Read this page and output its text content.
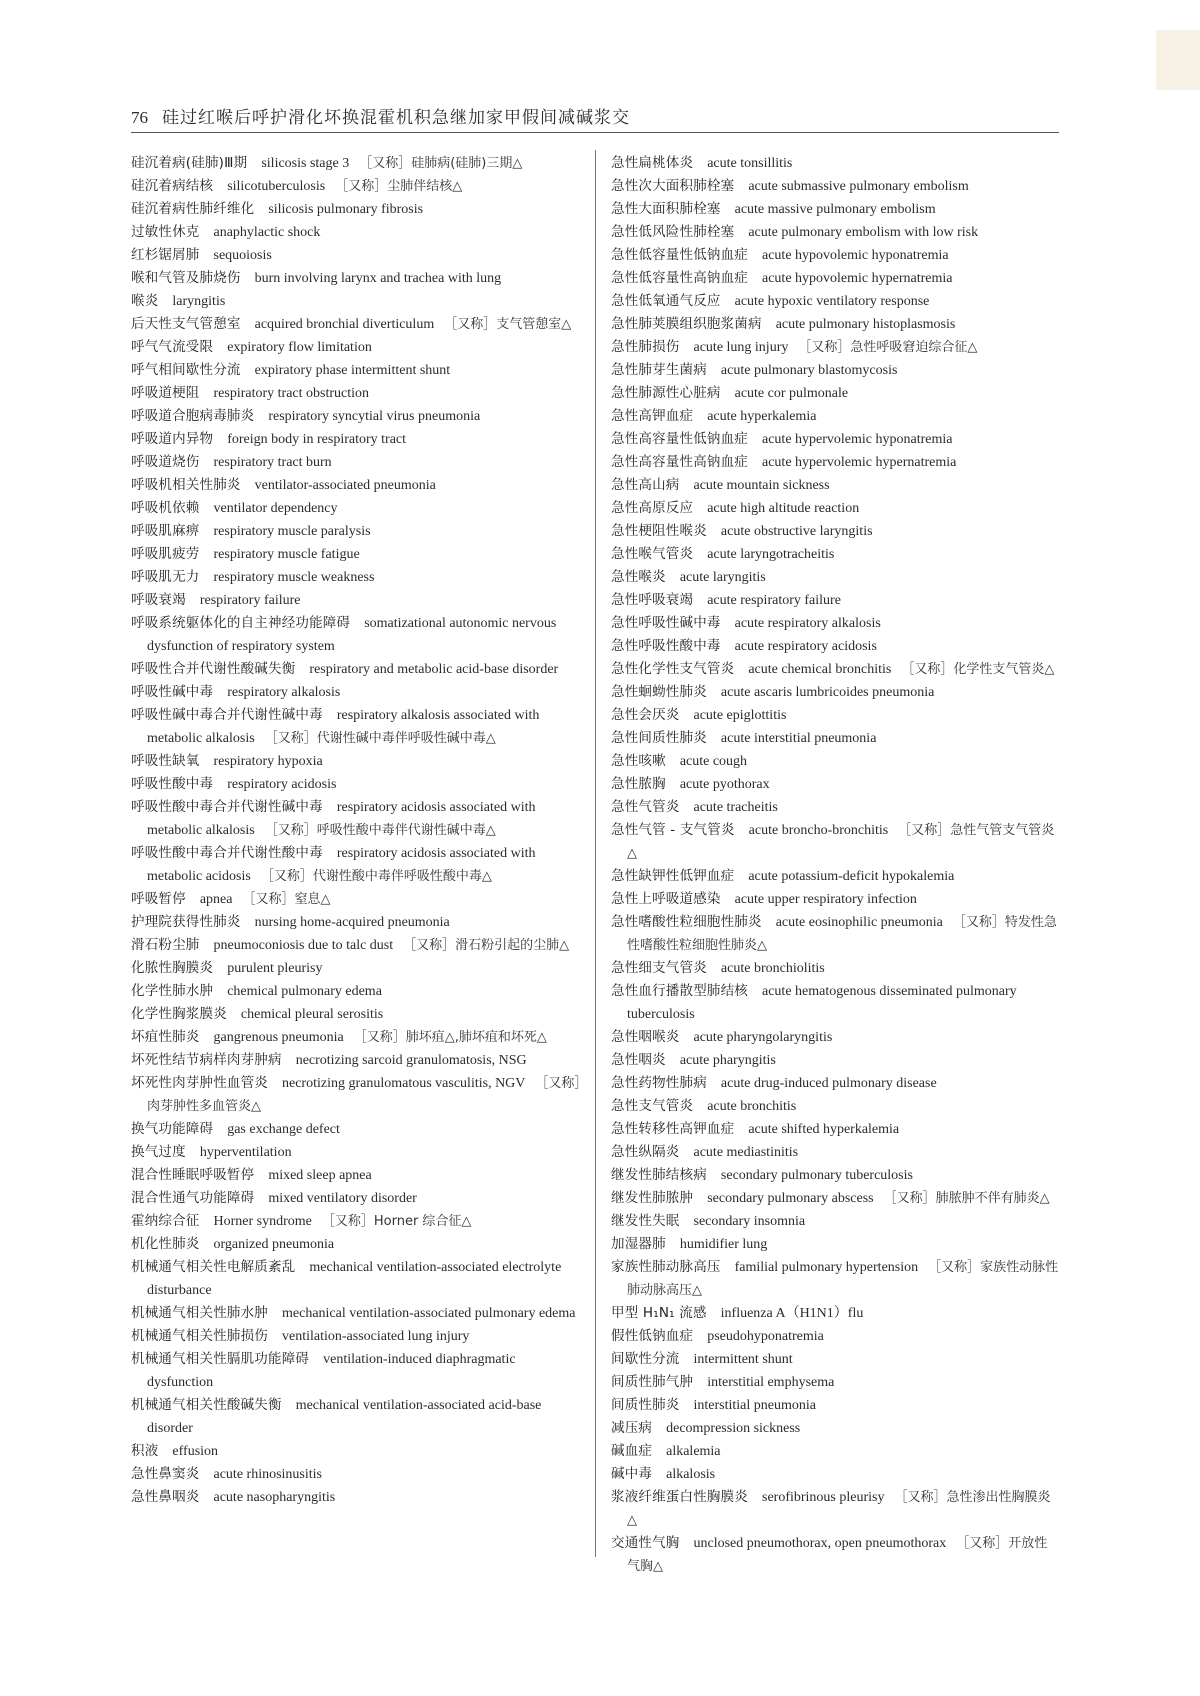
76 硅过红喉后呼护滑化坏换混霍机积急继加家甲假间减碱浆交
硅沉着病(硅肺)Ⅲ期 silicosis stage 3 ［又称］硅肺病(硅肺)三期△
硅沉着病结核 silicotuberculosis ［又称］尘肺伴结核△
硅沉着病性肺纤维化 silicosis pulmonary fibrosis
过敏性休克 anaphylactic shock
红杉锯屑肺 sequoiosis
喉和气管及肺烧伤 burn involving larynx and trachea with lung
喉炎 laryngitis
后天性支气管憩室 acquired bronchial diverticulum ［又称］支气管憩室△
呼气气流受限 expiratory flow limitation
呼气相间歇性分流 expiratory phase intermittent shunt
呼吸道梗阻 respiratory tract obstruction
呼吸道合胞病毒肺炎 respiratory syncytial virus pneumonia
呼吸道内异物 foreign body in respiratory tract
呼吸道烧伤 respiratory tract burn
呼吸机相关性肺炎 ventilator-associated pneumonia
呼吸机依赖 ventilator dependency
呼吸肌麻痹 respiratory muscle paralysis
呼吸肌疲劳 respiratory muscle fatigue
呼吸肌无力 respiratory muscle weakness
呼吸衰竭 respiratory failure
呼吸系统躯体化的自主神经功能障碍 somatizational autonomic nervous dysfunction of respiratory system
呼吸性合并代谢性酸碱失衡 respiratory and metabolic acid-base disorder
呼吸性碱中毒 respiratory alkalosis
呼吸性碱中毒合并代谢性碱中毒 respiratory alkalosis associated with metabolic alkalosis ［又称］代谢性碱中毒伴呼吸性碱中毒△
呼吸性缺氧 respiratory hypoxia
呼吸性酸中毒 respiratory acidosis
呼吸性酸中毒合并代谢性碱中毒 respiratory acidosis associated with metabolic alkalosis ［又称］呼吸性酸中毒伴代谢性碱中毒△
呼吸性酸中毒合并代谢性酸中毒 respiratory acidosis associated with metabolic acidosis ［又称］代谢性酸中毒伴呼吸性酸中毒△
呼吸暂停 apnea ［又称］窒息△
护理院获得性肺炎 nursing home-acquired pneumonia
滑石粉尘肺 pneumoconiosis due to talc dust ［又称］滑石粉引起的尘肺△
化脓性胸膜炎 purulent pleurisy
化学性肺水肿 chemical pulmonary edema
化学性胸浆膜炎 chemical pleural serositis
坏疽性肺炎 gangrenous pneumonia ［又称］肺坏疽△,肺坏疽和坏死△
坏死性结节病样肉芽肿病 necrotizing sarcoid granulomatosis, NSG
坏死性肉芽肿性血管炎 necrotizing granulomatous vasculitis, NGV ［又称］肉芽肿性多血管炎△
换气功能障碍 gas exchange defect
换气过度 hyperventilation
混合性睡眠呼吸暂停 mixed sleep apnea
混合性通气功能障碍 mixed ventilatory disorder
霍纳综合征 Horner syndrome ［又称］Horner 综合征△
机化性肺炎 organized pneumonia
机械通气相关性电解质紊乱 mechanical ventilation-associated electrolyte disturbance
机械通气相关性肺水肿 mechanical ventilation-associated pulmonary edema
机械通气相关性肺损伤 ventilation-associated lung injury
机械通气相关性膈肌功能障碍 ventilation-induced diaphragmatic dysfunction
机械通气相关性酸碱失衡 mechanical ventilation-associated acid-base disorder
积液 effusion
急性鼻窦炎 acute rhinosinusitis
急性鼻咽炎 acute nasopharyngitis
急性扁桃体炎 acute tonsillitis
急性次大面积肺栓塞 acute submassive pulmonary embolism
急性大面积肺栓塞 acute massive pulmonary embolism
急性低风险性肺栓塞 acute pulmonary embolism with low risk
急性低容量性低钠血症 acute hypovolemic hyponatremia
急性低容量性高钠血症 acute hypovolemic hypernatremia
急性低氧通气反应 acute hypoxic ventilatory response
急性肺荚膜组织胞浆菌病 acute pulmonary histoplasmosis
急性肺损伤 acute lung injury ［又称］急性呼吸窘迫综合征△
急性肺芽生菌病 acute pulmonary blastomycosis
急性肺源性心脏病 acute cor pulmonale
急性高钾血症 acute hyperkalemia
急性高容量性低钠血症 acute hypervolemic hyponatremia
急性高容量性高钠血症 acute hypervolemic hypernatremia
急性高山病 acute mountain sickness
急性高原反应 acute high altitude reaction
急性梗阻性喉炎 acute obstructive laryngitis
急性喉气管炎 acute laryngotracheitis
急性喉炎 acute laryngitis
急性呼吸衰竭 acute respiratory failure
急性呼吸性碱中毒 acute respiratory alkalosis
急性呼吸性酸中毒 acute respiratory acidosis
急性化学性支气管炎 acute chemical bronchitis ［又称］化学性支气管炎△
急性蛔蚴性肺炎 acute ascaris lumbricoides pneumonia
急性会厌炎 acute epiglottitis
急性间质性肺炎 acute interstitial pneumonia
急性咳嗽 acute cough
急性脓胸 acute pyothorax
急性气管炎 acute tracheitis
急性气管 - 支气管炎 acute broncho-bronchitis ［又称］急性气管支气管炎△
急性缺钾性低钾血症 acute potassium-deficit hypokalemia
急性上呼吸道感染 acute upper respiratory infection
急性嗜酸性粒细胞性肺炎 acute eosinophilic pneumonia ［又称］特发性急性嗜酸性粒细胞性肺炎△
急性细支气管炎 acute bronchiolitis
急性血行播散型肺结核 acute hematogenous disseminated pulmonary tuberculosis
急性咽喉炎 acute pharyngolaryngitis
急性咽炎 acute pharyngitis
急性药物性肺病 acute drug-induced pulmonary disease
急性支气管炎 acute bronchitis
急性转移性高钾血症 acute shifted hyperkalemia
急性纵隔炎 acute mediastinitis
继发性肺结核病 secondary pulmonary tuberculosis
继发性肺脓肿 secondary pulmonary abscess ［又称］肺脓肿不伴有肺炎△
继发性失眠 secondary insomnia
加湿器肺 humidifier lung
家族性肺动脉高压 familial pulmonary hypertension ［又称］家族性动脉性肺动脉高压△
甲型 H₁N₁ 流感 influenza A（H1N1）flu
假性低钠血症 pseudohyponatremia
间歇性分流 intermittent shunt
间质性肺气肿 interstitial emphysema
间质性肺炎 interstitial pneumonia
减压病 decompression sickness
碱血症 alkalemia
碱中毒 alkalosis
浆液纤维蛋白性胸膜炎 serofibrinous pleurisy ［又称］急性渗出性胸膜炎△
交通性气胸 unclosed pneumothorax, open pneumothorax ［又称］开放性气胸△
